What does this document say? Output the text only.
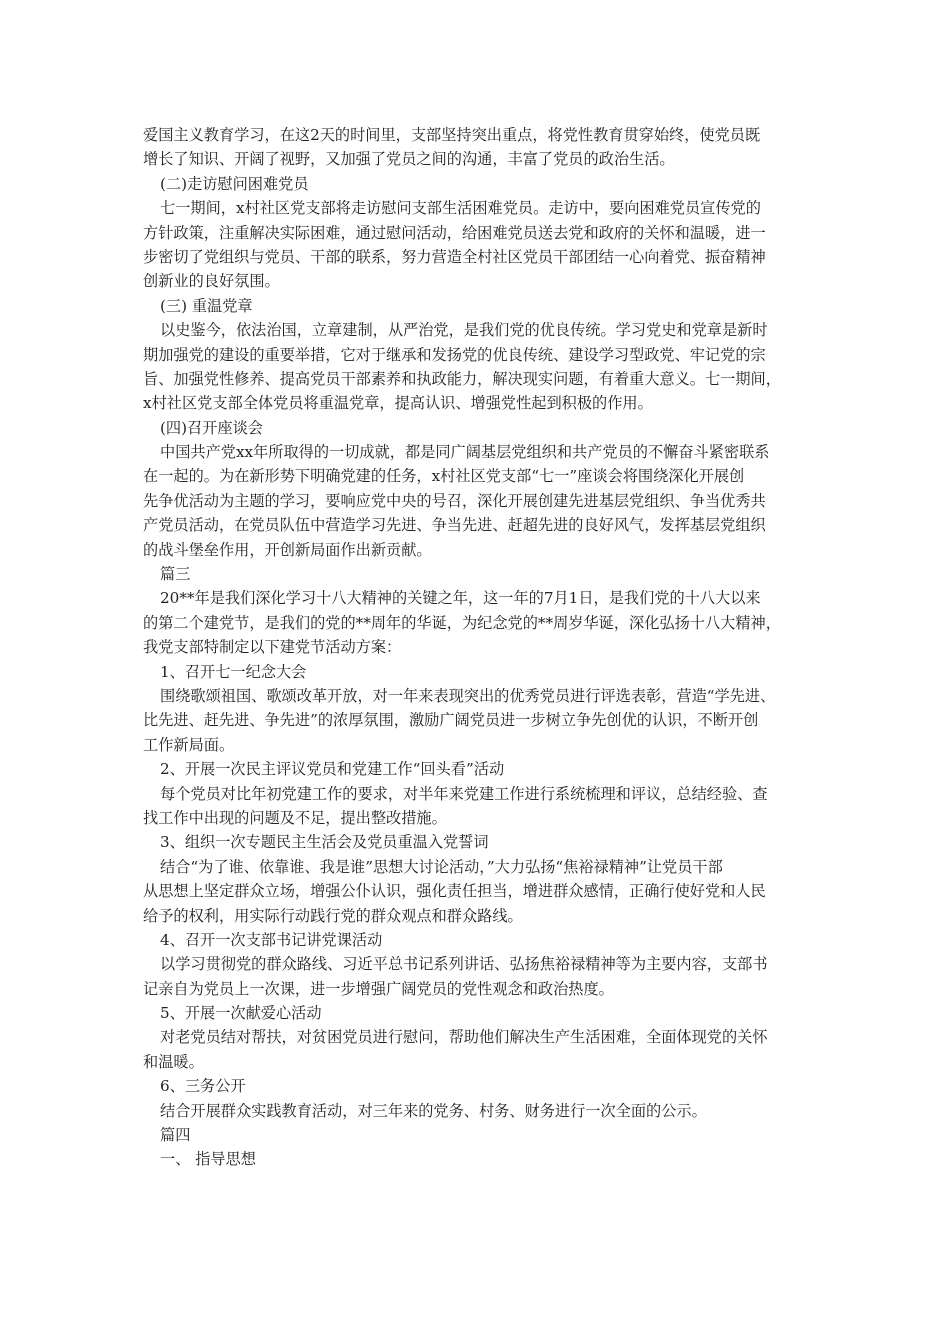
爱国主义教育学习，在这2天的时间里，支部坚持突出重点，将党性教育贯穿始终，使党员既
增长了知识、开阔了视野，又加强了党员之间的沟通，丰富了党员的政治生活。
(二)走访慰问困难党员
七一期间，x村社区党支部将走访慰问支部生活困难党员。走访中，要向困难党员宣传党的
方针政策，注重解决实际困难，通过慰问活动，给困难党员送去党和政府的关怀和温暖，进一
步密切了党组织与党员、干部的联系，努力营造全村社区党员干部团结一心向着党、振奋精神
创新业的良好氛围。
(三) 重温党章
以史鉴今，依法治国，立章建制，从严治党，是我们党的优良传统。学习党史和党章是新时
期加强党的建设的重要举措，它对于继承和发扬党的优良传统、建设学习型政党、牢记党的宗
旨、加强党性修养、提高党员干部素养和执政能力，解决现实问题，有着重大意义。七一期间，
x村社区党支部全体党员将重温党章，提高认识、增强党性起到积极的作用。
(四)召开座谈会
中国共产党xx年所取得的一切成就，都是同广阔基层党组织和共产党员的不懈奋斗紧密联系
在一起的。为在新形势下明确党建的任务，x村社区党支部“七一”座谈会将围绕深化开展创
先争优活动为主题的学习，要响应党中央的号召，深化开展创建先进基层党组织、争当优秀共
产党员活动，在党员队伍中营造学习先进、争当先进、赶超先进的良好风气，发挥基层党组织
的战斗堡垒作用，开创新局面作出新贡献。
篇三
20**年是我们深化学习十八大精神的关键之年，这一年的7月1日，是我们党的十八大以来
的第二个建党节，是我们的党的**周年的华诞，为纪念党的**周岁华诞，深化弘扬十八大精神，
我党支部特制定以下建党节活动方案：
1、召开七一纪念大会
围绕歌颂祖国、歌颂改革开放，对一年来表现突出的优秀党员进行评选表彰，营造“学先进、
比先进、赶先进、争先进”的浓厚氛围，激励广阔党员进一步树立争先创优的认识，不断开创
工作新局面。
2、开展一次民主评议党员和党建工作“回头看”活动
每个党员对比年初党建工作的要求，对半年来党建工作进行系统梳理和评议，总结经验、查
找工作中出现的问题及不足，提出整改措施。
3、组织一次专题民主生活会及党员重温入党誓词
结合“为了谁、依靠谁、我是谁”思想大讨论活动，”大力弘扬“焦裕禄精神”让党员干部
从思想上坚定群众立场，增强公仆认识，强化责任担当，增进群众感情，正确行使好党和人民
给予的权利，用实际行动践行党的群众观点和群众路线。
4、召开一次支部书记讲党课活动
以学习贯彻党的群众路线、习近平总书记系列讲话、弘扬焦裕禄精神等为主要内容，支部书
记亲自为党员上一次课，进一步增强广阔党员的党性观念和政治热度。
5、开展一次献爱心活动
对老党员结对帮扶，对贫困党员进行慰问，帮助他们解决生产生活困难，全面体现党的关怀
和温暖。
6、三务公开
结合开展群众实践教育活动，对三年来的党务、村务、财务进行一次全面的公示。
篇四
一、 指导思想
